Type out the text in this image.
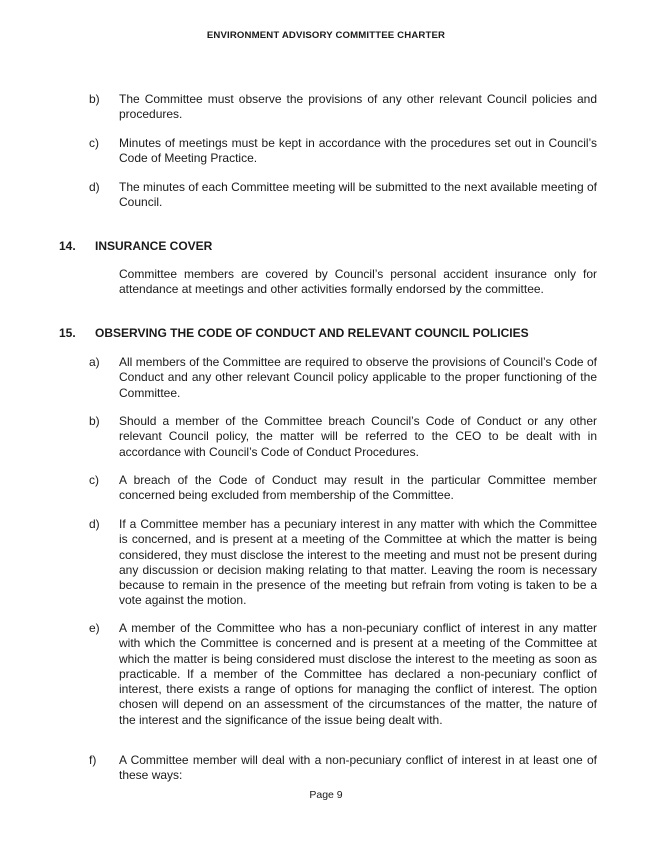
ENVIRONMENT ADVISORY COMMITTEE CHARTER
b) The Committee must observe the provisions of any other relevant Council policies and procedures.
c) Minutes of meetings must be kept in accordance with the procedures set out in Council’s Code of Meeting Practice.
d) The minutes of each Committee meeting will be submitted to the next available meeting of Council.
14. INSURANCE COVER
Committee members are covered by Council’s personal accident insurance only for attendance at meetings and other activities formally endorsed by the committee.
15. OBSERVING THE CODE OF CONDUCT AND RELEVANT COUNCIL POLICIES
a) All members of the Committee are required to observe the provisions of Council’s Code of Conduct and any other relevant Council policy applicable to the proper functioning of the Committee.
b) Should a member of the Committee breach Council’s Code of Conduct or any other relevant Council policy, the matter will be referred to the CEO to be dealt with in accordance with Council’s Code of Conduct Procedures.
c) A breach of the Code of Conduct may result in the particular Committee member concerned being excluded from membership of the Committee.
d) If a Committee member has a pecuniary interest in any matter with which the Committee is concerned, and is present at a meeting of the Committee at which the matter is being considered, they must disclose the interest to the meeting and must not be present during any discussion or decision making relating to that matter. Leaving the room is necessary because to remain in the presence of the meeting but refrain from voting is taken to be a vote against the motion.
e) A member of the Committee who has a non-pecuniary conflict of interest in any matter with which the Committee is concerned and is present at a meeting of the Committee at which the matter is being considered must disclose the interest to the meeting as soon as practicable. If a member of the Committee has declared a non-pecuniary conflict of interest, there exists a range of options for managing the conflict of interest. The option chosen will depend on an assessment of the circumstances of the matter, the nature of the interest and the significance of the issue being dealt with.
f) A Committee member will deal with a non-pecuniary conflict of interest in at least one of these ways:
Page 9
